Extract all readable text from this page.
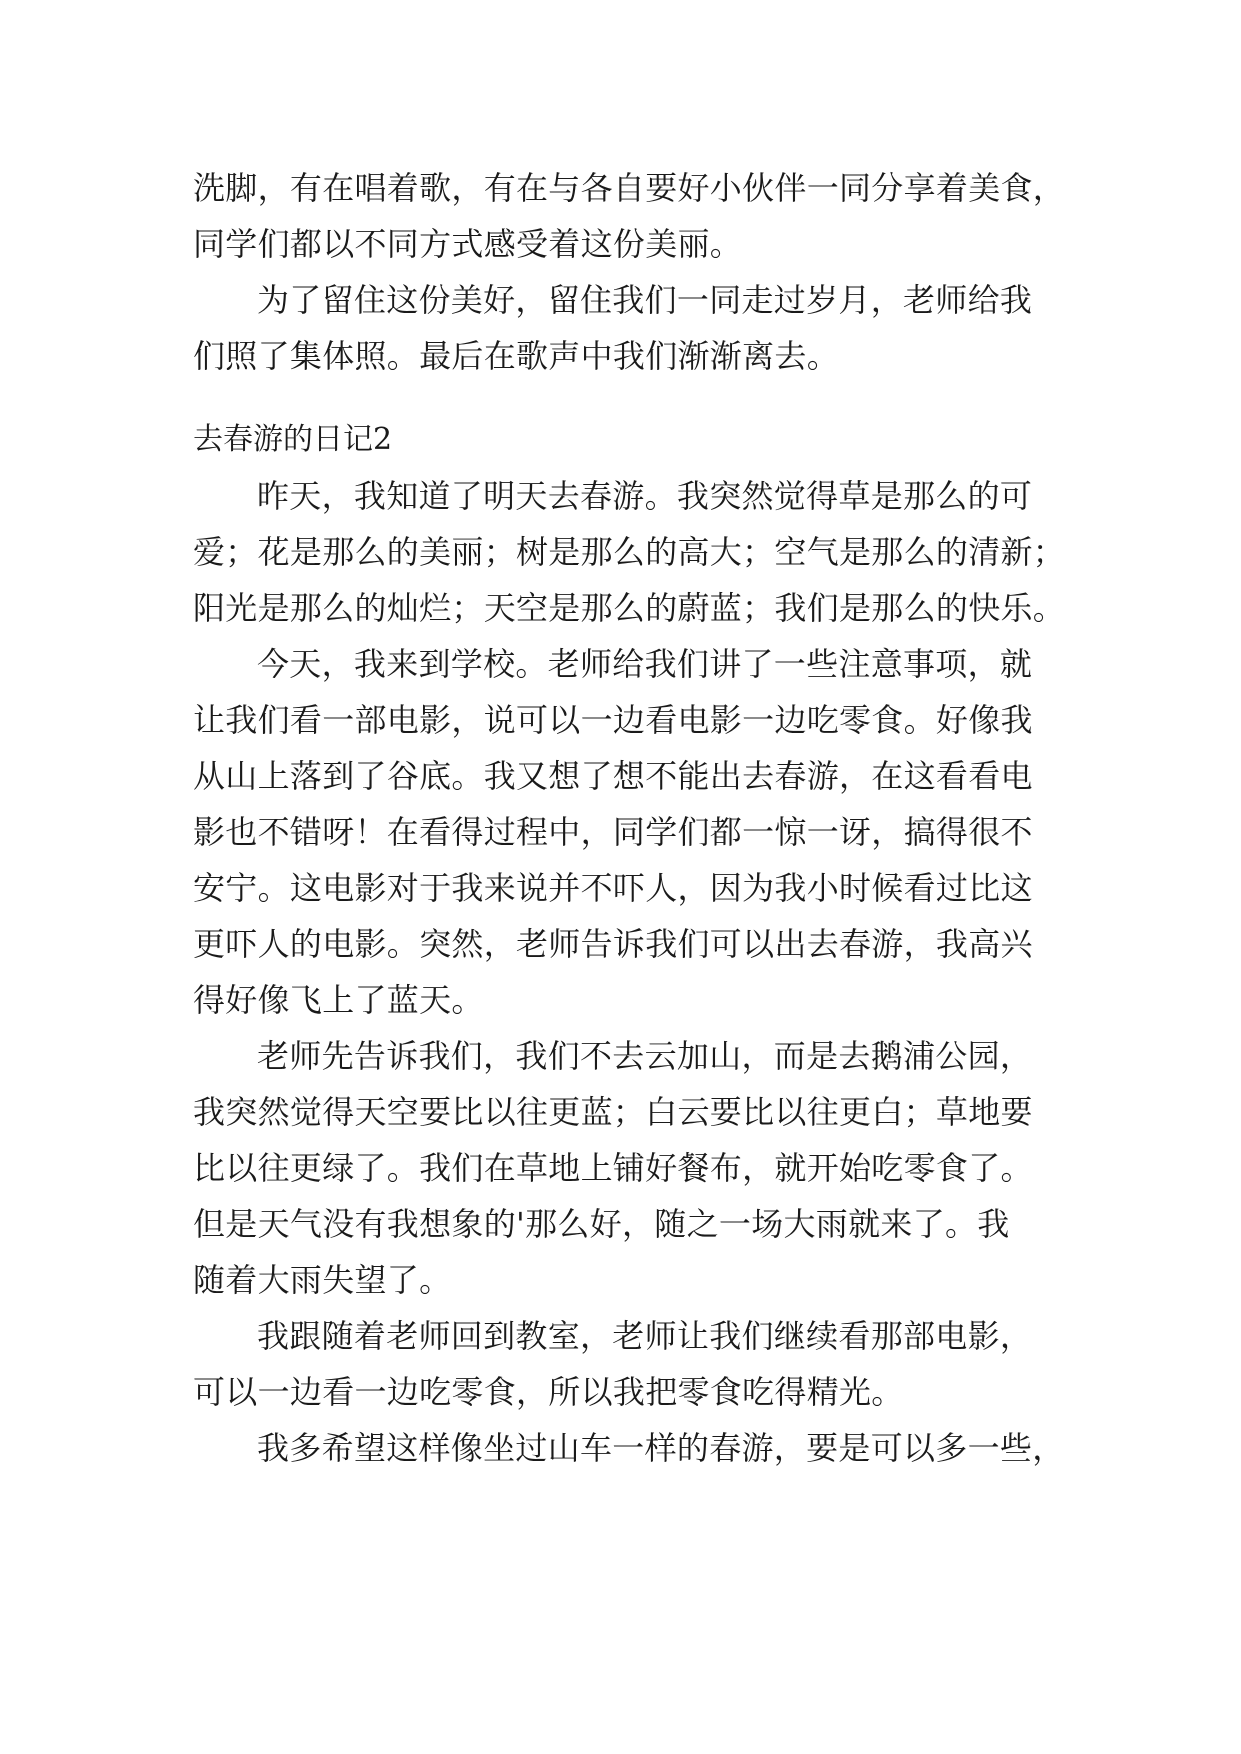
洗脚，有在唱着歌，有在与各自要好小伙伴一同分享着美食，
同学们都以不同方式感受着这份美丽。
为了留住这份美好，留住我们一同走过岁月，老师给我
们照了集体照。最后在歌声中我们渐渐离去。
去春游的日记2
昨天，我知道了明天去春游。我突然觉得草是那么的可
爱；花是那么的美丽；树是那么的高大；空气是那么的清新；
阳光是那么的灿烂；天空是那么的蔚蓝；我们是那么的快乐。
今天，我来到学校。老师给我们讲了一些注意事项，就
让我们看一部电影，说可以一边看电影一边吃零食。好像我
从山上落到了谷底。我又想了想不能出去春游，在这看看电
影也不错呀！在看得过程中，同学们都一惊一讶，搞得很不
安宁。这电影对于我来说并不吓人，因为我小时候看过比这
更吓人的电影。突然，老师告诉我们可以出去春游，我高兴
得好像飞上了蓝天。
老师先告诉我们，我们不去云加山，而是去鹅浦公园，
我突然觉得天空要比以往更蓝；白云要比以往更白；草地要
比以往更绿了。我们在草地上铺好餐布，就开始吃零食了。
但是天气没有我想象的'那么好，随之一场大雨就来了。我
随着大雨失望了。
我跟随着老师回到教室，老师让我们继续看那部电影，
可以一边看一边吃零食，所以我把零食吃得精光。
我多希望这样像坐过山车一样的春游，要是可以多一些，
